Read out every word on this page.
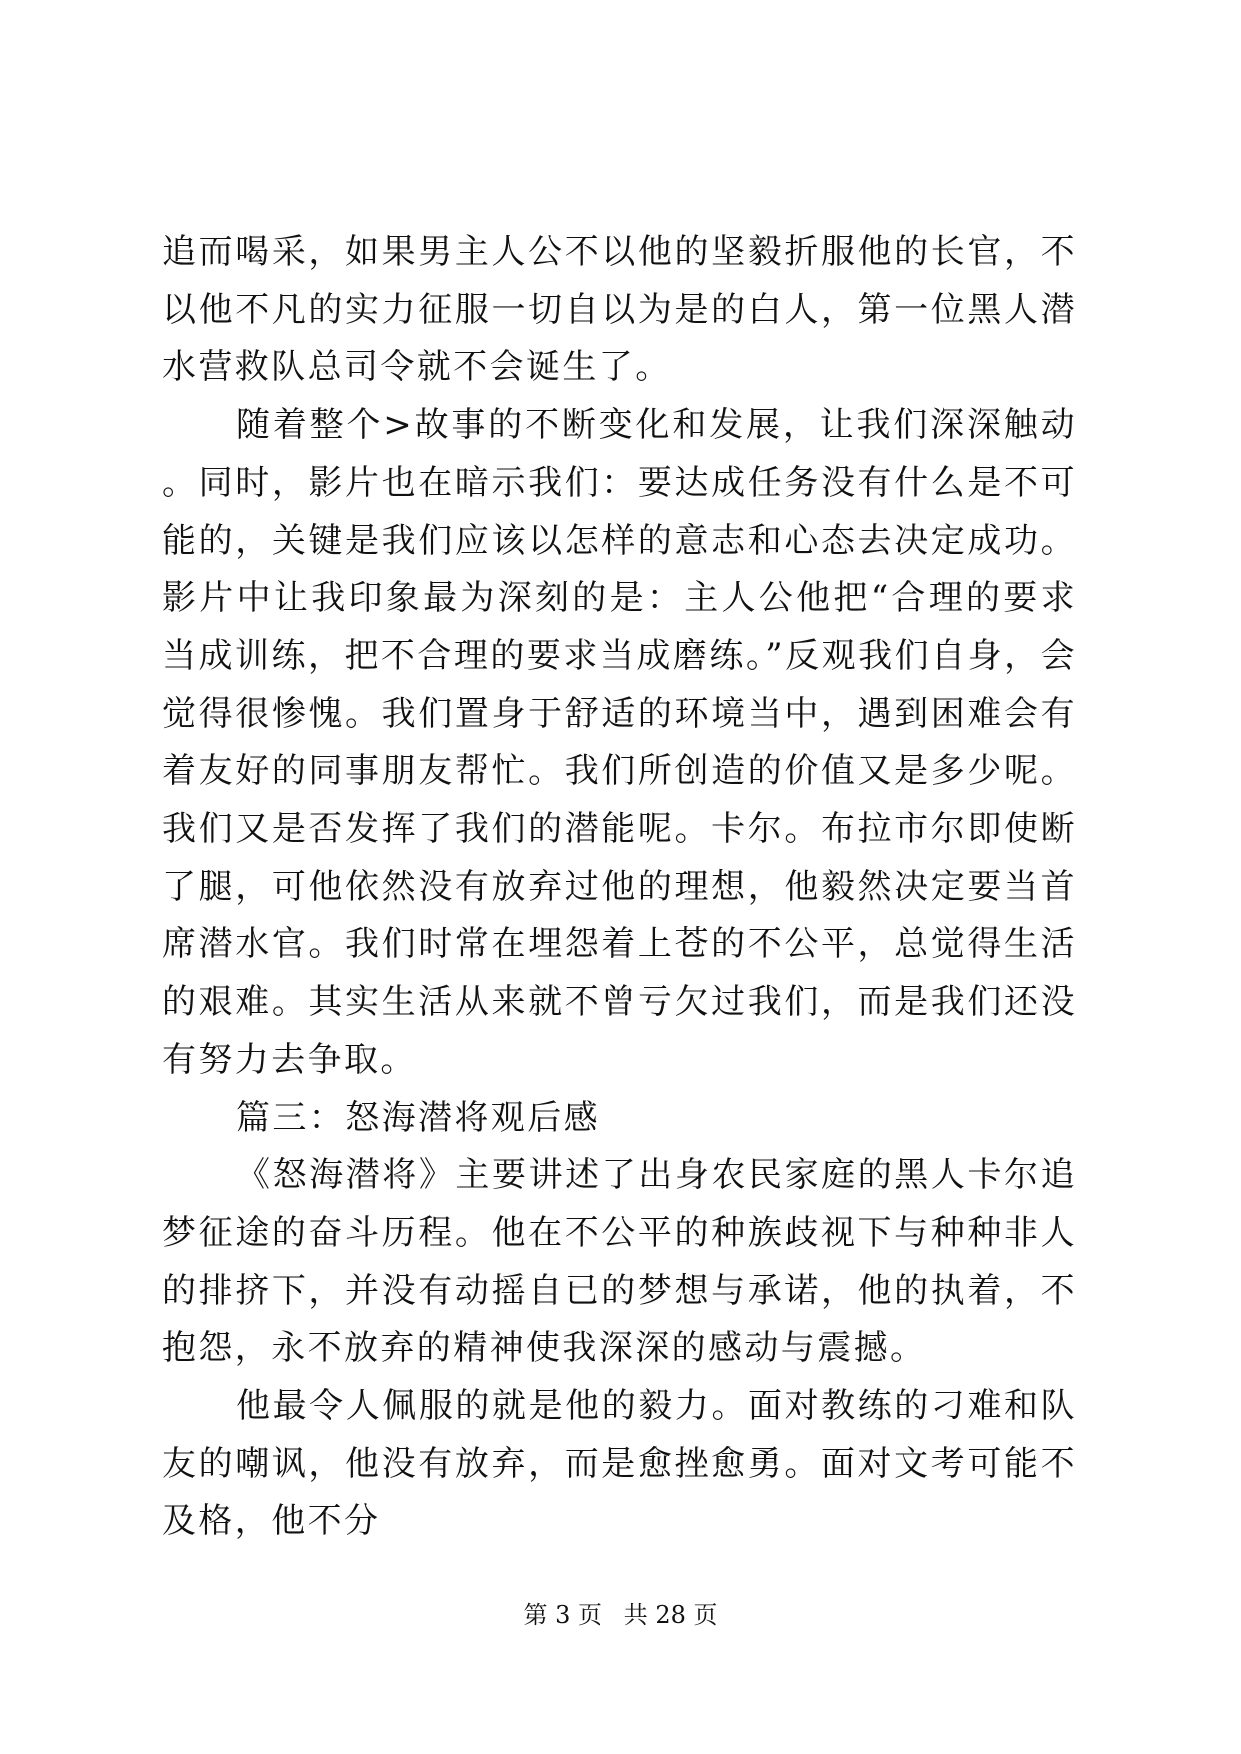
追而喝采，如果男主人公不以他的坚毅折服他的长官，不以他不凡的实力征服一切自以为是的白人，第一位黑人潜水营救队总司令就不会诞生了。

随着整个>故事的不断变化和发展，让我们深深触动。同时，影片也在暗示我们：要达成任务没有什么是不可能的，关键是我们应该以怎样的意志和心态去决定成功。影片中让我印象最为深刻的是：主人公他把“合理的要求当成训练，把不合理的要求当成磨练。”反观我们自身，会觉得很惨愧。我们置身于舒适的环境当中，遇到困难会有着友好的同事朋友帮忙。我们所创造的价值又是多少呢。我们又是否发挥了我们的潜能呢。卡尔。布拉市尔即使断了腿，可他依然没有放弃过他的理想，他毅然决定要当首席潜水官。我们时常在埋怨着上苍的不公平，总觉得生活的艰难。其实生活从来就不曾亏欠过我们，而是我们还没有努力去争取。

篇三：怒海潜将观后感

《怒海潜将》主要讲述了出身农民家庭的黑人卡尔追梦征途的奋斗历程。他在不公平的种族歧视下与种种非人的排挤下，并没有动摇自已的梦想与承诺，他的执着，不抱怨，永不放弃的精神使我深深的感动与震撼。

他最令人佩服的就是他的毅力。面对教练的刁难和队友的嘲讽，他没有放弃，而是愈挫愈勇。面对文考可能不及格，他不分

第 3 页 共 28 页
